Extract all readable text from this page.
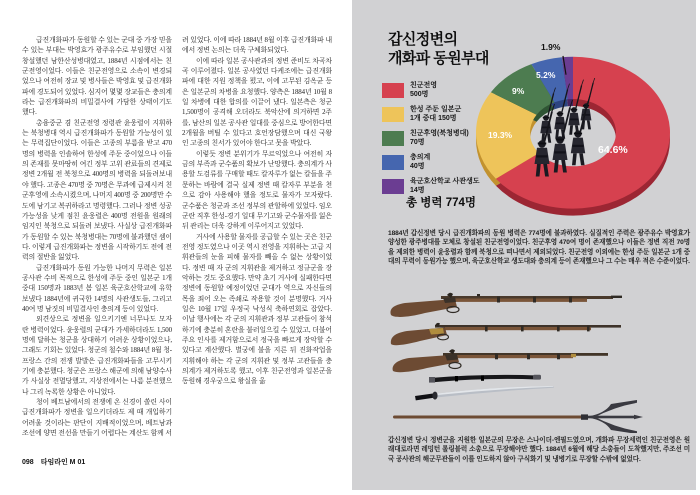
급진개화파가 동원할 수 있는 군대 중 가장 믿을 수 있는 부대는 박영효가 광주유수로 부임했던 시절 창설했던 남한산성병대였고, 1884년 시점에서는 친군전영이었다. 이들은 친군전영으로 소속이 변경되었으나 여전히 장교 및 병사들은 박영효 및 급진개화파에 경도되어 있었다. 심지어 몇몇 장교들은 충의계라는 급진개화파의 비밀결사에 가담한 상태이기도 했다.

총융중군 겸 친군전영 정령관 윤웅렬이 지휘하는 북청병대 역시 급진개화파가 동원할 가능성이 있는 무력집단이었다. 이들은 고종의 부름을 받고 470명의 병력을 인솔하여 한성에 주둔 중이었으나 이들의 존재를 못마땅히 여긴 정부 고위 관료들의 견제로 정변 2개월 전 북청으로 400명의 병력을 되돌려보내야 했다. 고종은 470명 중 70명은 무과에 급제시켜 친군후영에 소속시켰으며, 나머지 400명 중 200명만 수도에 남기고 복귀하라고 명령했다. 그러나 정변 성공 가능성을 낮게 점친 윤웅렬은 400명 전원을 원래의 임지인 북청으로 되돌려 보냈다. 사실상 급진개화파가 동원할 수 있는 북청병대는 70명에 불과했던 셈이다. 이렇게 급진개화파는 정변을 시작하기도 전에 전력의 절반을 잃었다.

급진개화파가 동원 가능한 나머지 무력은 일본 공사관 수비 목적으로 한성에 주둔 중인 일본군 1개 중대 150명과 1883년 봄 일본 육군호산학교에 유학보냈다 1884년에 귀국한 14명의 사관생도들, 그리고 40여 명 남짓의 비밀결사인 충의계 등이 있었다.

외견상으로 정변을 일으키기엔 너무나도 모자란 병력이었다. 윤웅렬의 군대가 가세하더라도 1,500명에 달하는 청군을 상대하기 어려운 상황이었으나, 그래도 기회는 있었다. 청군의 철수와 1884년 8월 청-프랑스 간의 전쟁 발발은 급진개화파들을 고무시키기에 충분했다. 청군은 프랑스 해군에 의해 남양수사가 사실상 전멸당했고, 지상전에서는 나름 분전했으나 그리 녹록한 상황은 아니었다.

청이 베트남에서의 전쟁에 온 신경이 쏠린 사이 급진개화파가 정변을 일으키더라도 제 때 개입하기 어려울 것이라는 판단이 지배적이었으며, 베트남과 조선에 양면 전선을 만들기 어렵다는 계산도 함께 서려 있었다. 이에 따라 1884년 8월 이후 급진개화파 내에서 정변 논의는 더욱 구체화되었다.

이에 따라 일본 공사관과의 정변 준비도 차곡차곡 이루어졌다. 일본 공사였던 다케조에는 급진개화파에 대한 지원 정책을 폈고, 이에 고무된 김옥균 등은 일본군의 차병을 요청했다. 양측은 1884년 10월 8일 차병에 대한 합의를 이끌어 냈다. 일본측은 청군 1,500명이 공격해 오더라도 북악산에 의거하면 2주를, 남산의 일본 공사관 일대를 중심으로 방어한다면 2개월을 버틸 수 있다고 호언장담했으며 대신 국왕인 고종의 친서가 있어야 한다고 못을 박았다.

이렇듯 정변 분위기가 무르익었으나 여전히 자금의 부족과 군수품의 확보가 난망했다. 충의계가 사용할 도검류를 구매할 때도 칼자루가 없는 칼들을 주문하는 바람에 결국 실제 정변 때 칼자루 부분을 천으로 감아 사용해야 했을 정도로 물자가 모자랐다. 군수품은 청군과 조선 정부의 관할하에 있었다. 임오군란 직후 한성-경기 일대 무기고와 군수물자를 잃은 뒤 관리는 더욱 강하게 이루어지고 있었다.

거사에 사용할 물자를 공급할 수 있는 곳은 친군전영 정도였으나 이곳 역시 전영을 지휘하는 고급 지휘관들의 눈을 피해 물자를 빼올 수 없는 상황이었다. 정변 때 자 군의 지휘관을 제거하고 정규군을 장악하는 것도 중요했다. 만약 초기 거사에 실패한다면 정변에 동원할 예정이었던 군대가 역으로 자신들의 목을 죄어 오는 족쇄로 작용할 것이 분명했다. 거사일은 10월 17일 우정국 낙성식 축하연회로 잡았다. 이날 행사에는 각 군의 지휘관과 정부 고관들이 참석하기에 충분히 혼란을 불러일으킬 수 있었고, 더불어 주요 인사를 제거함으로서 정국을 빠르게 장악할 수 있다고 계산했다. 별궁에 불을 지른 뒤 진화작업을 지휘해야 하는 각 군의 지휘관 및 정부 고관들을 충의계가 제거하도록 했고, 이후 친군전영과 일본군을 동원해 경우궁으로 왕실을 옮

098 타임라인 M 01
갑신정변의
개화파 동원부대
친군전영
500명
한성 주둔 일본군
1개 중대 150명
친군후영(북청병대)
70명
충의계
40명
육군호산학교 사관생도
14명
총 병력 774명
64.6%
19.3%
9%
5.2%
1.9%
1884년 갑신정변 당시 급진개화파의 동원 병력은 774명에 불과하였다. 실질적인 주력은 광주유수 박영효가 양성한 광주병대를 모체로 창설된 친군전영이었다. 친군후영 470여 명이 존재했으나 이들은 정변 직전 70명을 제외한 병력이 윤웅렬과 함께 북청으로 떠나면서 제외되었다. 친군전영 이외에는 한성 주둔 일본군 1개 중대의 무력이 동원가능 했으며, 육군호산학교 생도대와 충의계 등이 존재했으나 그 수는 매우 적은 수준이었다.
갑신정변 당시 정변군을 지원한 일본군의 무장은 스나이더-엔필드였으며, 개화파 무장세력인 친군전영은 원래대로라면 레밍턴 롤링블럭 소총으로 무장해야만 했다. 1884년 6월에 해당 소총들이 도착했지만, 주조선 미국 공사관의 해군무관들이 이를 인도하지 않아 구식화기 및 냉병기로 무장할 수밖에 없었다.
